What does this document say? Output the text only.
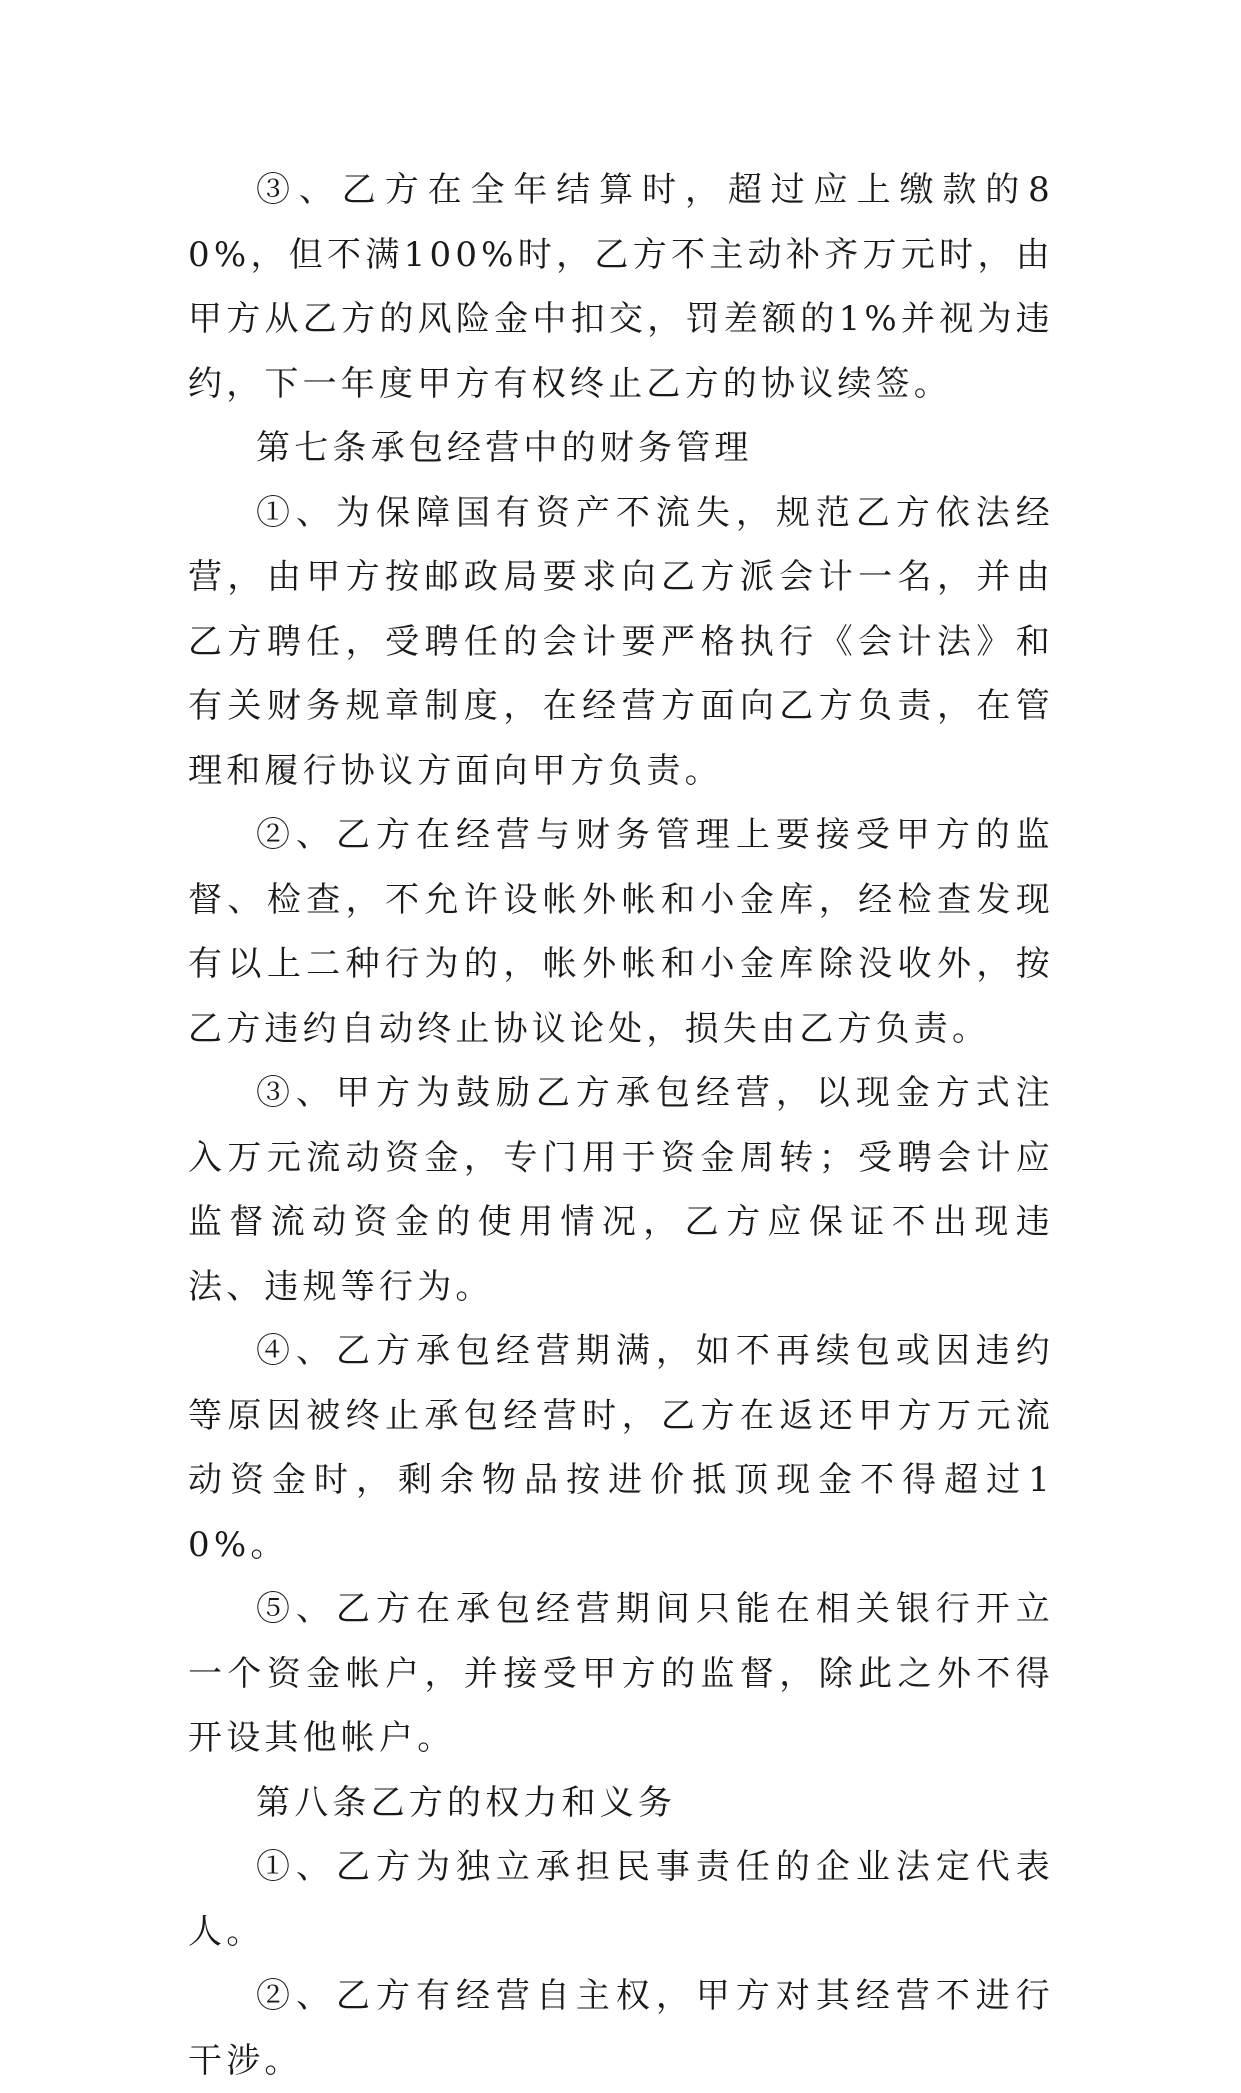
③、乙方在全年结算时，超过应上缴款的80%，但不满100%时，乙方不主动补齐万元时，由甲方从乙方的风险金中扣交，罚差额的1%并视为违约，下一年度甲方有权终止乙方的协议续签。

第七条承包经营中的财务管理

①、为保障国有资产不流失，规范乙方依法经营，由甲方按邮政局要求向乙方派会计一名，并由乙方聘任，受聘任的会计要严格执行《会计法》和有关财务规章制度，在经营方面向乙方负责，在管理和履行协议方面向甲方负责。

②、乙方在经营与财务管理上要接受甲方的监督、检查，不允许设帐外帐和小金库，经检查发现有以上二种行为的，帐外帐和小金库除没收外，按乙方违约自动终止协议论处，损失由乙方负责。

③、甲方为鼓励乙方承包经营，以现金方式注入万元流动资金，专门用于资金周转；受聘会计应监督流动资金的使用情况，乙方应保证不出现违法、违规等行为。

④、乙方承包经营期满，如不再续包或因违约等原因被终止承包经营时，乙方在返还甲方万元流动资金时，剩余物品按进价抵顶现金不得超过10%。

⑤、乙方在承包经营期间只能在相关银行开立一个资金帐户，并接受甲方的监督，除此之外不得开设其他帐户。

第八条乙方的权力和义务

①、乙方为独立承担民事责任的企业法定代表人。

②、乙方有经营自主权，甲方对其经营不进行干涉。
